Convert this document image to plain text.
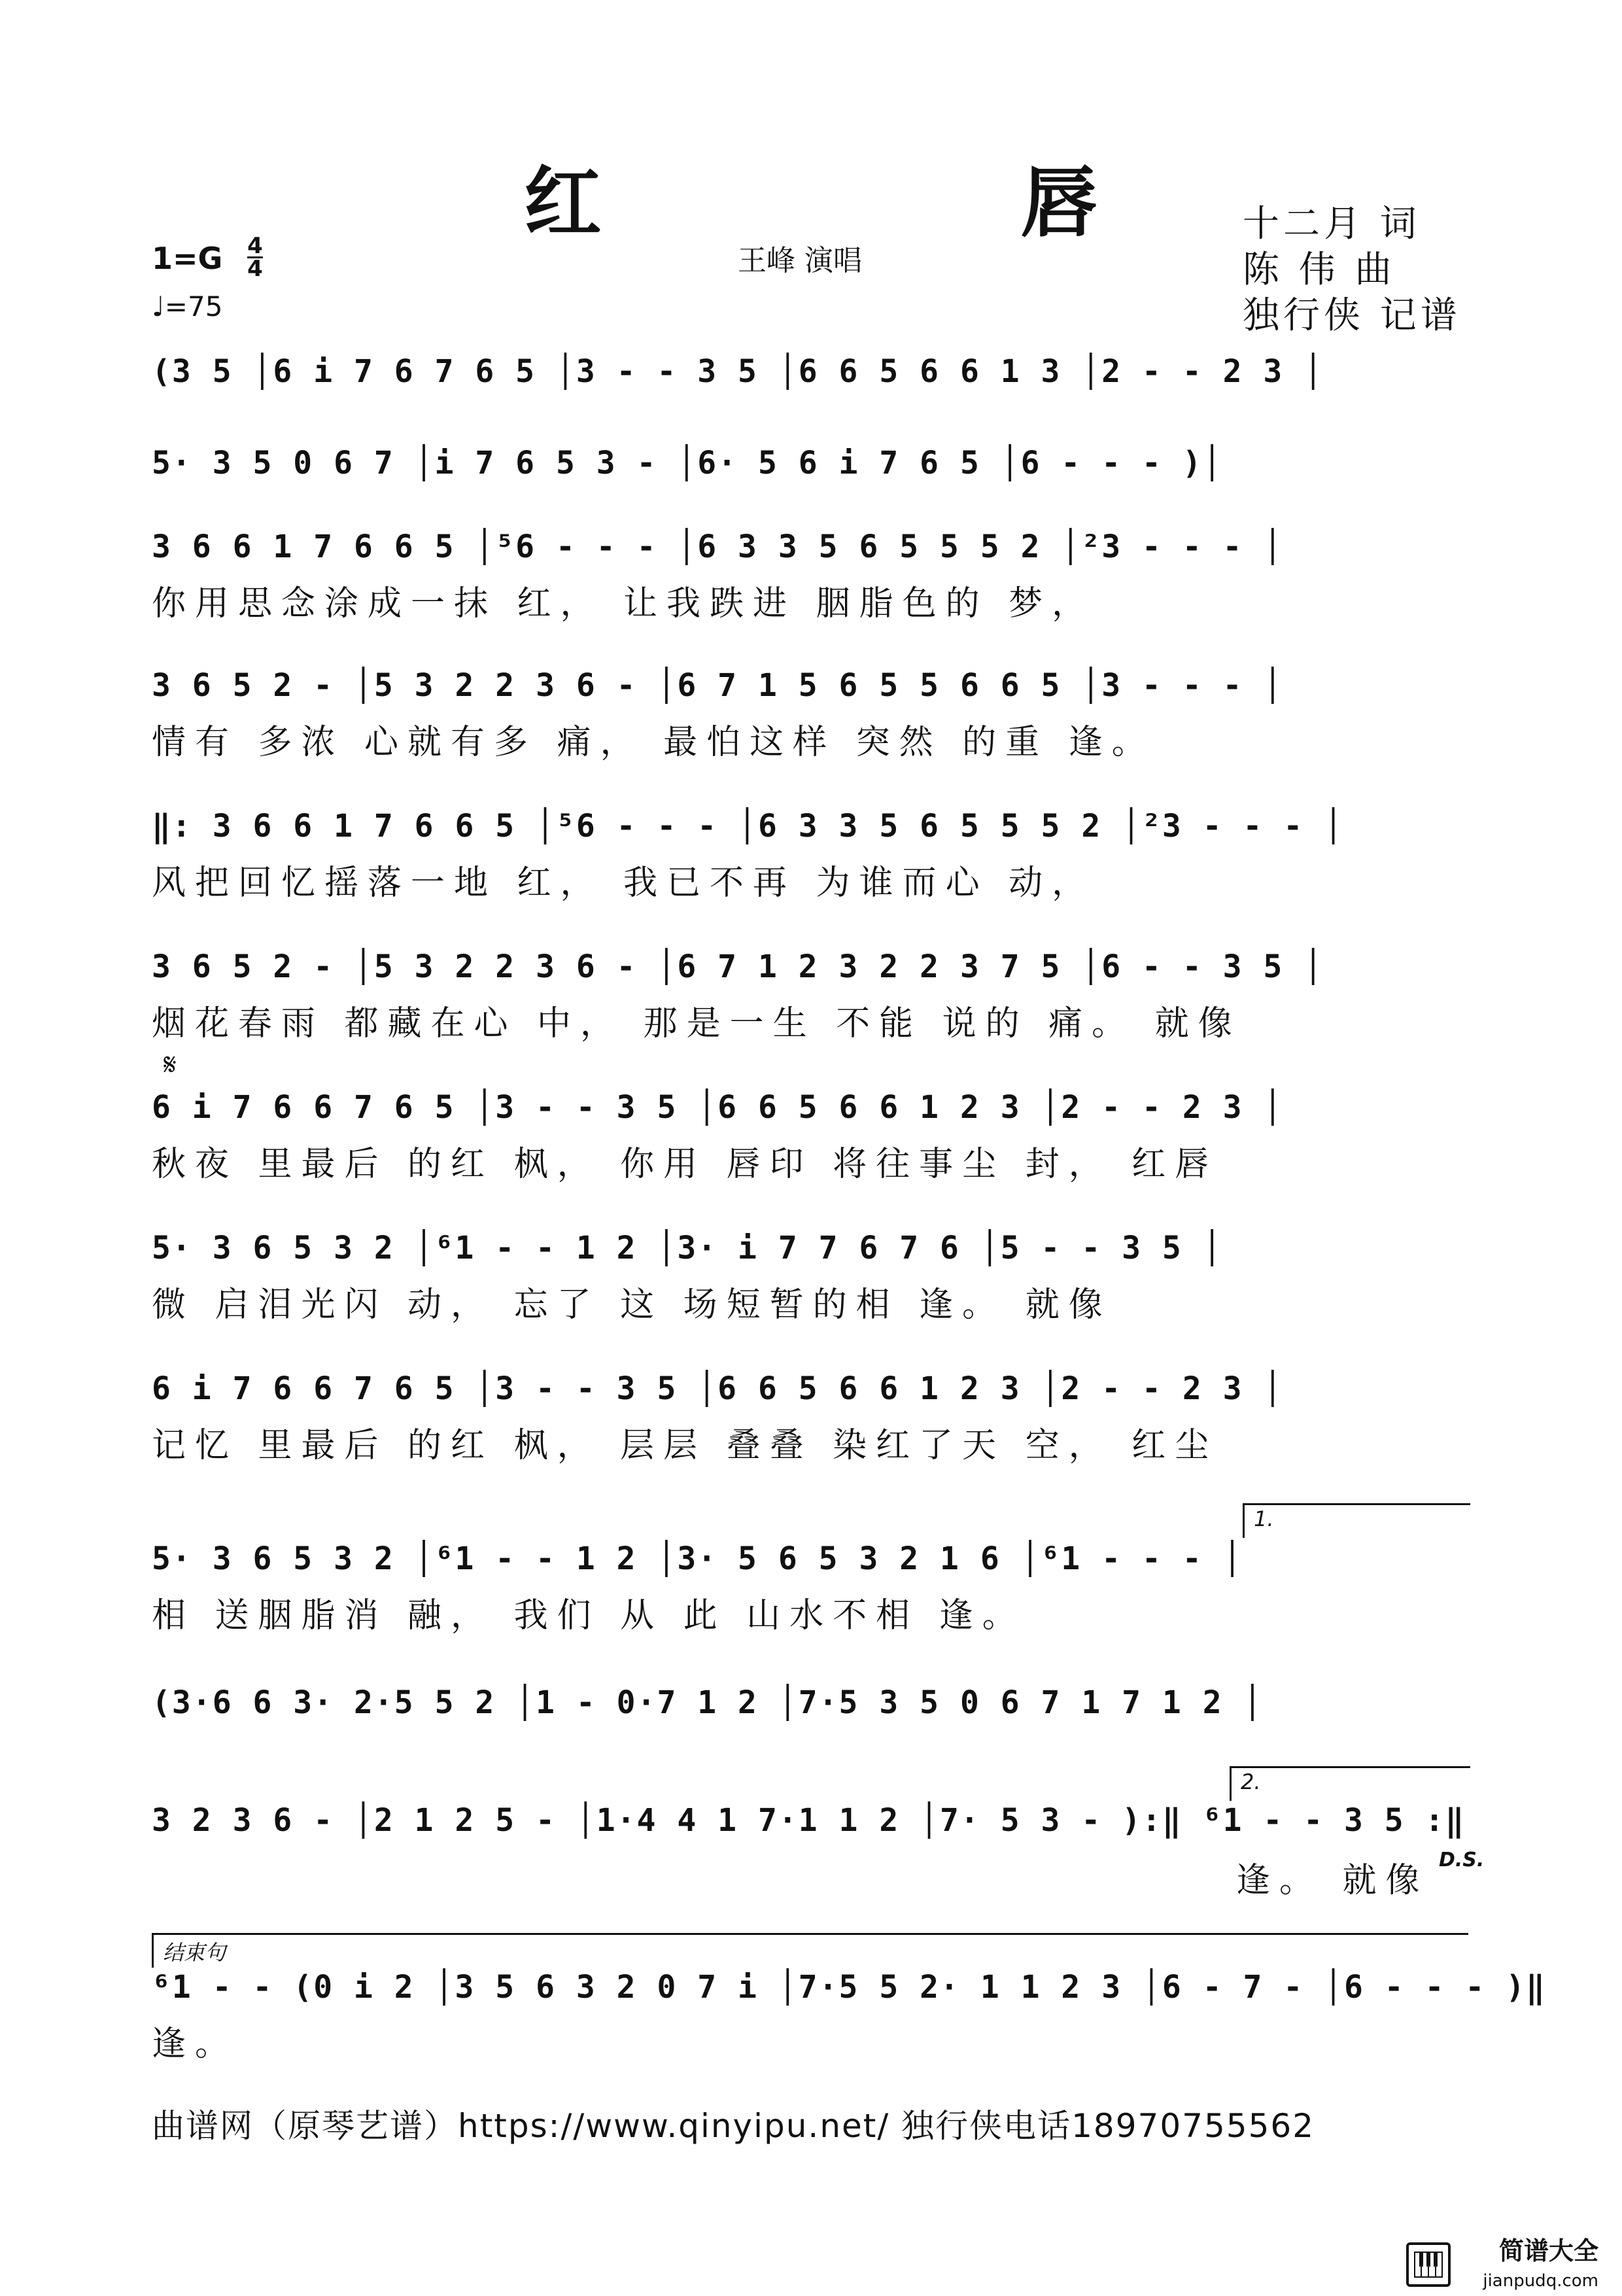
红 唇
王峰 演唱
十二月 词
陈 伟 曲
独行侠 记谱
1=G 4
4
♩=75
(3 5 │6 i 7 6 7 6 5 │3 - - 3 5 │6 6 5 6 6 1 3 │2 - - 2 3 │
5· 3 5 0 6 7 │i 7 6 5 3 - │6· 5 6 i 7 6 5 │6 - - - )│
3 6 6 1 7 6 6 5 │⁵6 - - - │6 3 3 5 6 5 5 5 2 │²3 - - - │
你用思念涂成一抹 红， 让我跌进 胭脂色的 梦，
3 6 5 2 - │5 3 2 2 3 6 - │6 7 1 5 6 5 5 6 6 5 │3 - - - │
情有 多浓 心就有多 痛， 最怕这样 突然 的重 逢。
‖: 3 6 6 1 7 6 6 5 │⁵6 - - - │6 3 3 5 6 5 5 5 2 │²3 - - - │
风把回忆摇落一地 红， 我已不再 为谁而心 动，
3 6 5 2 - │5 3 2 2 3 6 - │6 7 1 2 3 2 2 3 7 5 │6 - - 3 5 │
烟花春雨 都藏在心 中， 那是一生 不能 说的 痛。 就像
𝄋
6 i 7 6 6 7 6 5 │3 - - 3 5 │6 6 5 6 6 1 2 3 │2 - - 2 3 │
秋夜 里最后 的红 枫， 你用 唇印 将往事尘 封， 红唇
5· 3 6 5 3 2 │⁶1 - - 1 2 │3· i 7 7 6 7 6 │5 - - 3 5 │
微 启泪光闪 动， 忘了 这 场短暂的相 逢。 就像
6 i 7 6 6 7 6 5 │3 - - 3 5 │6 6 5 6 6 1 2 3 │2 - - 2 3 │
记忆 里最后 的红 枫， 层层 叠叠 染红了天 空， 红尘
1.
5· 3 6 5 3 2 │⁶1 - - 1 2 │3· 5 6 5 3 2 1 6 │⁶1 - - - │
相 送胭脂消 融， 我们 从 此 山水不相 逢。
(3·6 6 3· 2·5 5 2 │1 - 0·7 1 2 │7·5 3 5 0 6 7 1 7 1 2 │
2.
3 2 3 6 - │2 1 2 5 - │1·4 4 1 7·1 1 2 │7· 5 3 - ):‖ ⁶1 - - 3 5 :‖
逢。 就像
D.S.
结束句
⁶1 - - (0 i 2 │3 5 6 3 2 0 7 i │7·5 5 2· 1 1 2 3 │6 - 7 - │6 - - - )‖
逢。
曲谱网（原琴艺谱）https://www.qinyipu.net/ 独行侠电话18970755562
简谱大全
jianpudq.com
